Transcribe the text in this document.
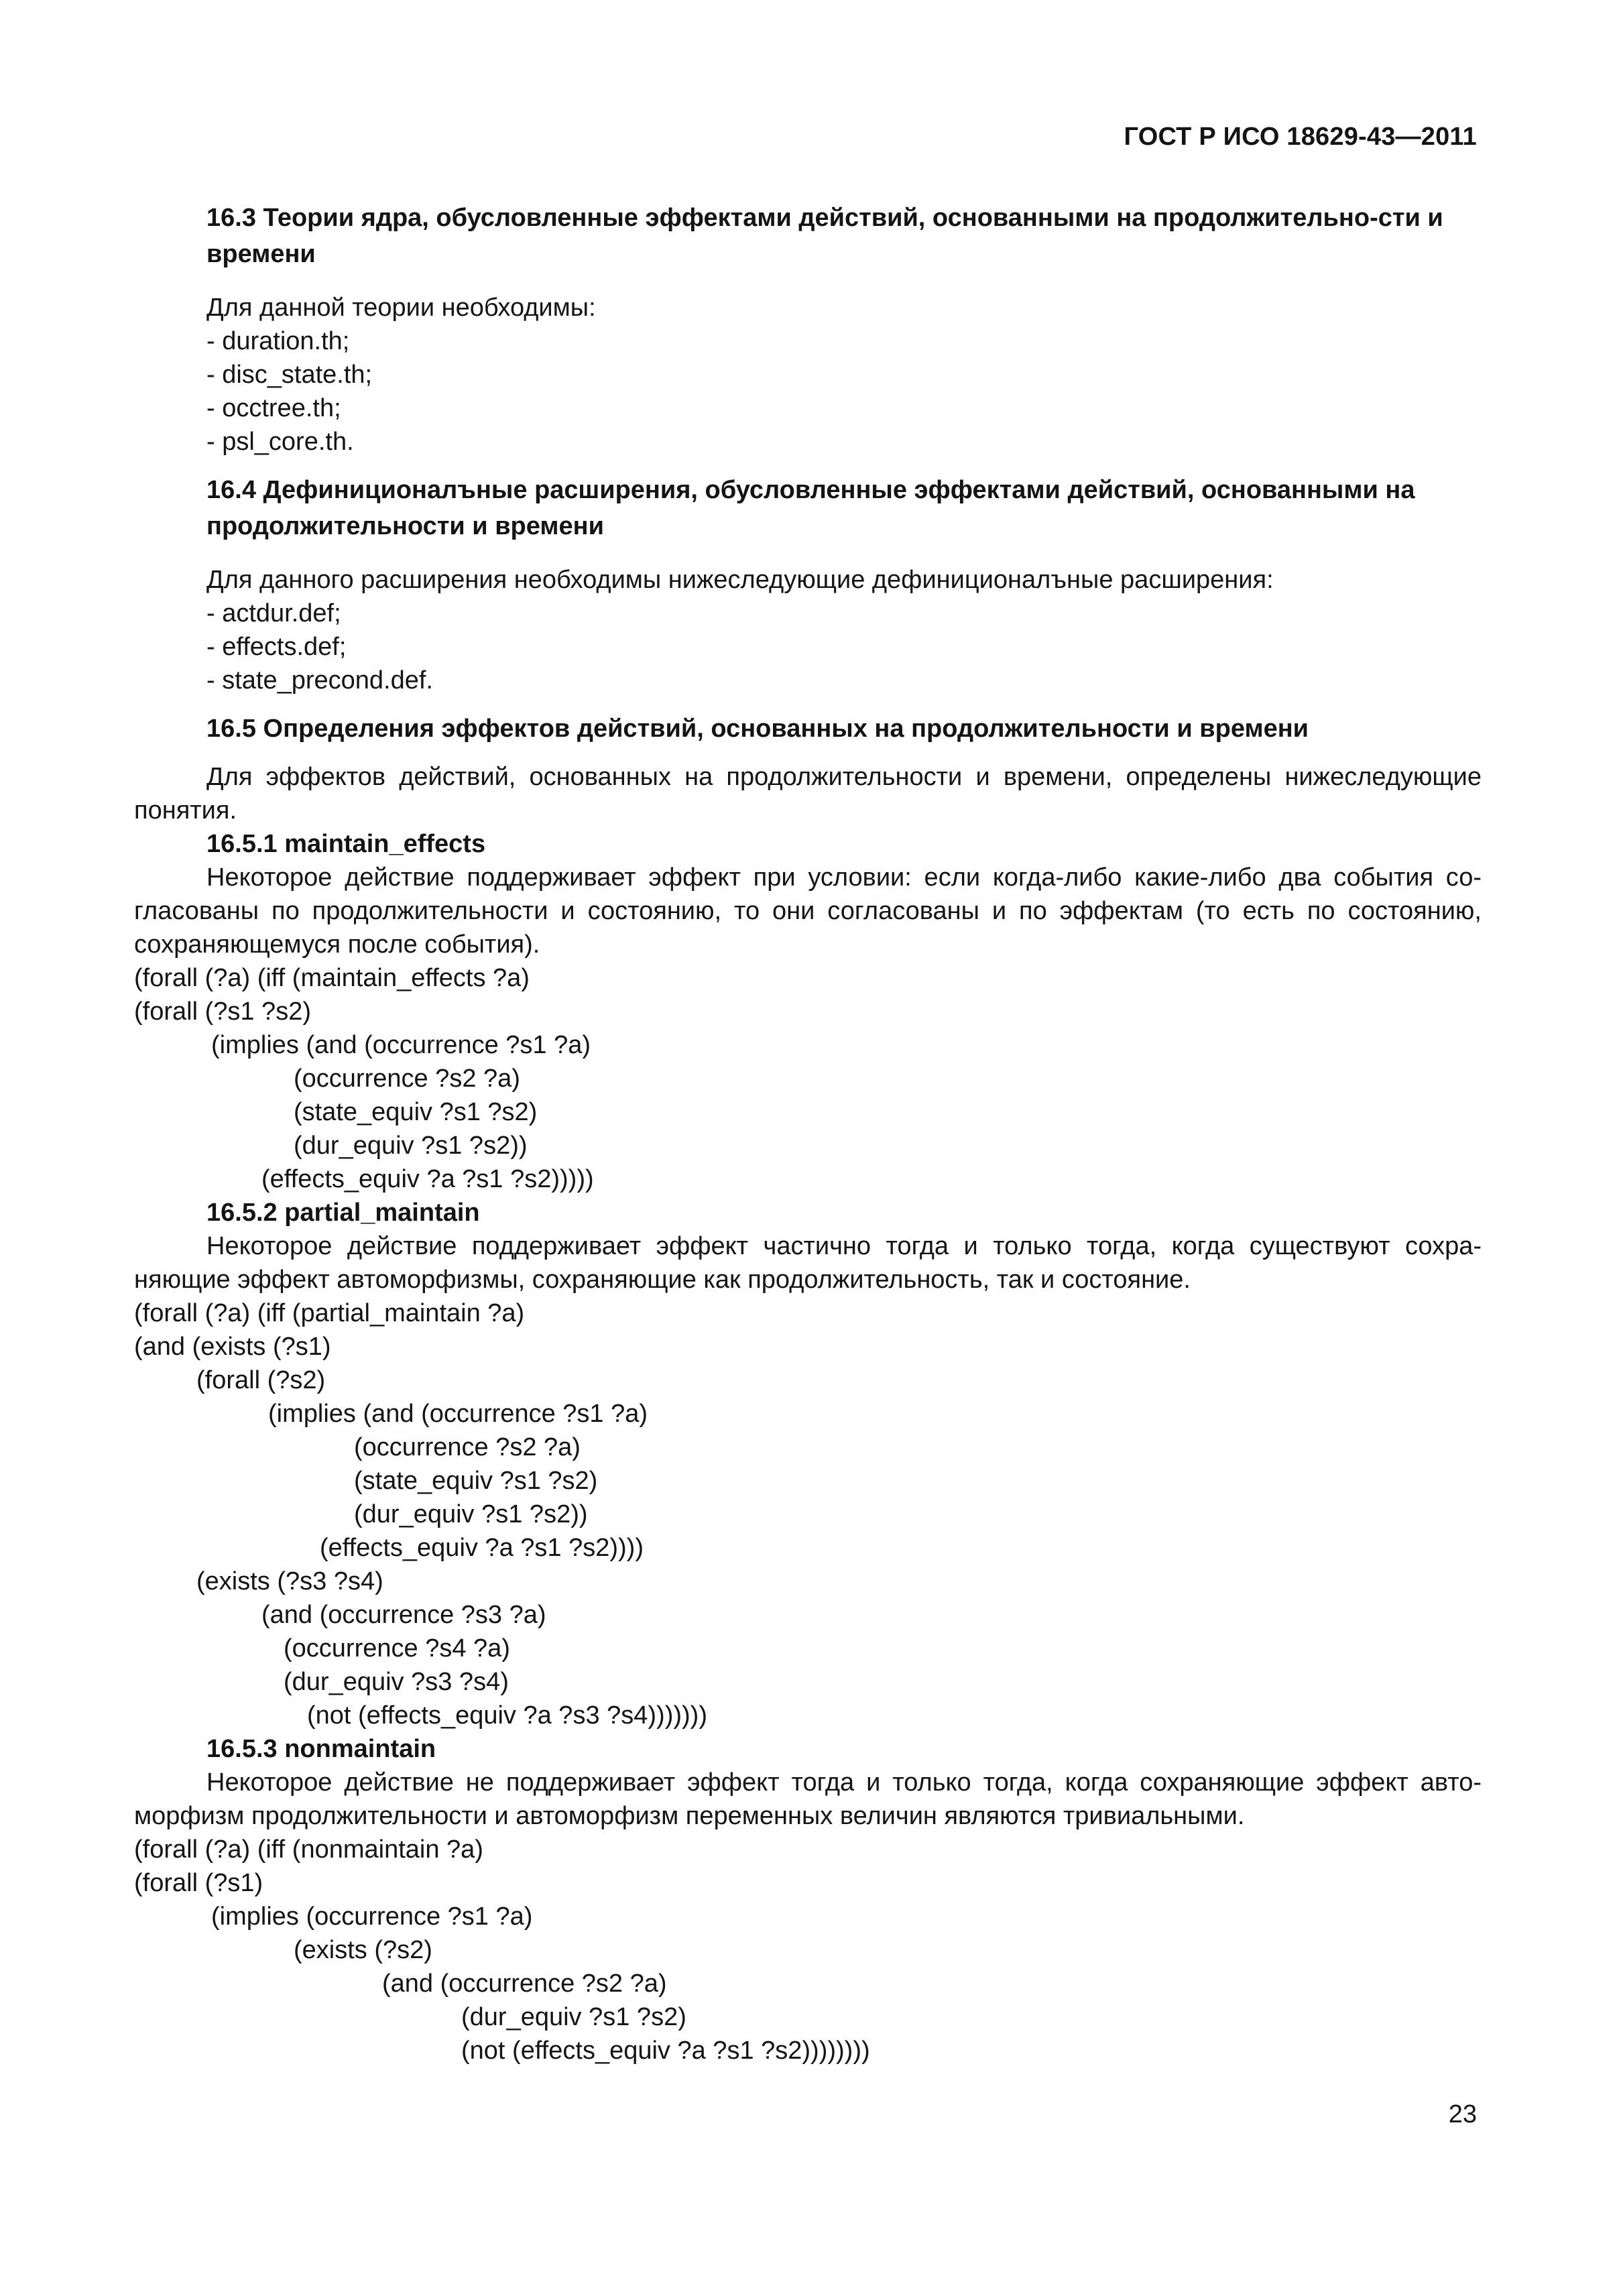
ГОСТ Р ИСО 18629-43—2011

16.3 Теории ядра, обусловленные эффектами действий, основанными на продолжительно-сти и времени

Для данной теории необходимы:

- duration.th;

- disc_state.th;

- occtree.th;

- psl_core.th.

16.4 Дефиниционалъные расширения, обусловленные эффектами действий, основанными на продолжительности и времени

Для данного расширения необходимы нижеследующие дефиниционалъные расширения:

- actdur.def;

- effects.def;

- state_precond.def.

16.5 Определения эффектов действий, основанных на продолжительности и времени

Для эффектов действий, основанных на продолжительности и времени, определены нижеследующие понятия.

16.5.1 maintain_effects

Некоторое действие поддерживает эффект при условии: если когда-либо какие-либо два события со-гласованы по продолжительности и состоянию, то они согласованы и по эффектам (то есть по состоянию, сохраняющемуся после события).

(forall (?a) (iff (maintain_effects ?a)

(forall (?s1 ?s2)

(implies (and (occurrence ?s1 ?a)

(occurrence ?s2 ?a)

(state_equiv ?s1 ?s2)

(dur_equiv ?s1 ?s2))

(effects_equiv ?a ?s1 ?s2)))))

16.5.2 partial_maintain

Некоторое действие поддерживает эффект частично тогда и только тогда, когда существуют сохра-няющие эффект автоморфизмы, сохраняющие как продолжительность, так и состояние.

(forall (?a) (iff (partial_maintain ?a)

(and (exists (?s1)

(forall (?s2)

(implies (and (occurrence ?s1 ?a)

(occurrence ?s2 ?a)

(state_equiv ?s1 ?s2)

(dur_equiv ?s1 ?s2))

(effects_equiv ?a ?s1 ?s2))))

(exists (?s3 ?s4)

(and (occurrence ?s3 ?a)

(occurrence ?s4 ?a)

(dur_equiv ?s3 ?s4)

(not (effects_equiv ?a ?s3 ?s4)))))))

16.5.3 nonmaintain

Некоторое действие не поддерживает эффект тогда и только тогда, когда сохраняющие эффект авто-морфизм продолжительности и автоморфизм переменных величин являются тривиальными.

(forall (?a) (iff (nonmaintain ?a)

(forall (?s1)

(implies (occurrence ?s1 ?a)

(exists (?s2)

(and (occurrence ?s2 ?a)

(dur_equiv ?s1 ?s2)

(not (effects_equiv ?a ?s1 ?s2))))))))

23
